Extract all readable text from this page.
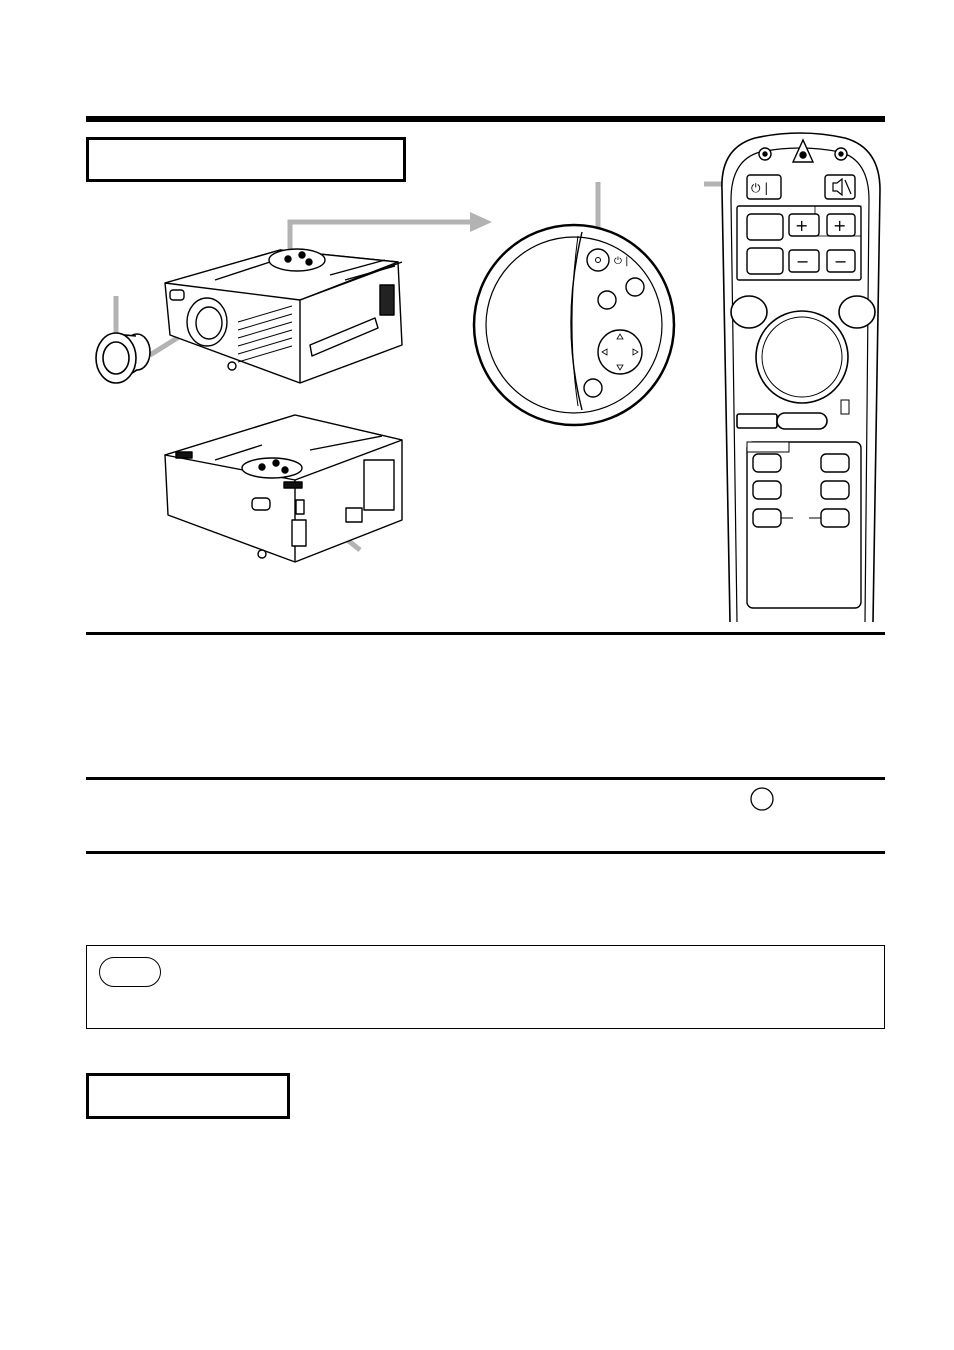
⏻ |
⏻ |
+ +
− −
